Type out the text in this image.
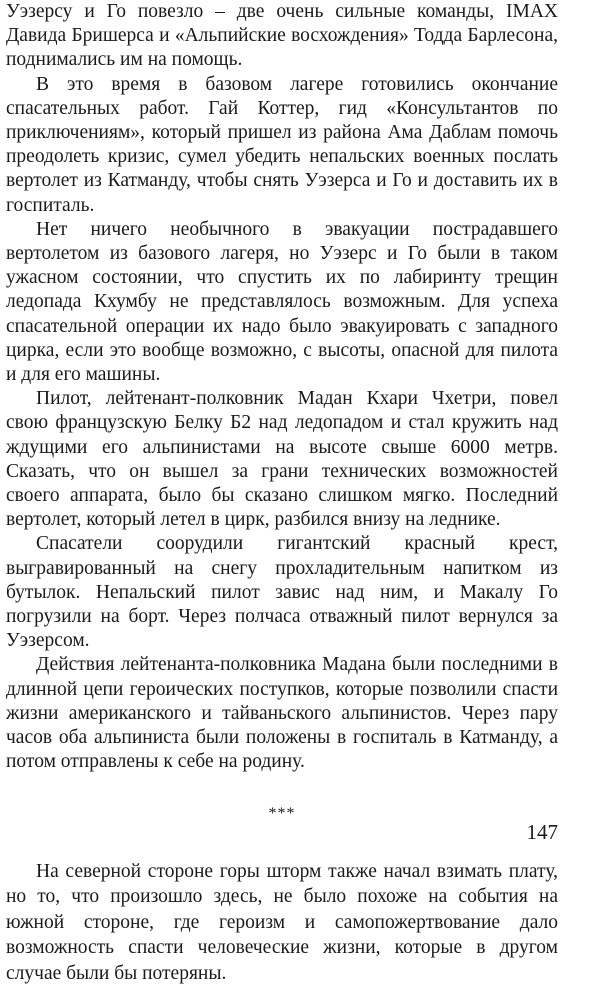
Уэзерсу и Го повезло – две очень сильные команды, IMAX Давида Бришерса и «Альпийские восхождения» Тодда Барлесона, поднимались им на помощь.

В это время в базовом лагере готовились окончание спасательных работ. Гай Коттер, гид «Консультантов по приключениям», который пришел из района Ама Даблам помочь преодолеть кризис, сумел убедить непальских военных послать вертолет из Катманду, чтобы снять Уэзерса и Го и доставить их в госпиталь.

Нет ничего необычного в эвакуации пострадавшего вертолетом из базового лагеря, но Уэзерс и Го были в таком ужасном состоянии, что спустить их по лабиринту трещин ледопада Кхумбу не представлялось возможным. Для успеха спасательной операции их надо было эвакуировать с западного цирка, если это вообще возможно, с высоты, опасной для пилота и для его машины.

Пилот, лейтенант-полковник Мадан Кхари Чхетри, повел свою французскую Белку Б2 над ледопадом и стал кружить над ждущими его альпинистами на высоте свыше 6000 метрв. Сказать, что он вышел за грани технических возможностей своего аппарата, было бы сказано слишком мягко. Последний вертолет, который летел в цирк, разбился внизу на леднике.

Спасатели соорудили гигантский красный крест, выгравированный на снегу прохладительным напитком из бутылок. Непальский пилот завис над ним, и Макалу Го погрузили на борт. Через полчаса отважный пилот вернулся за Уэзерсом.

Действия лейтенанта-полковника Мадана были последними в длинной цепи героических поступков, которые позволили спасти жизни американского и тайваньского альпинистов. Через пару часов оба альпиниста были положены в госпиталь в Катманду, а потом отправлены к себе на родину.

***

На северной стороне горы шторм также начал взимать плату, но то, что произошло здесь, не было похоже на события на южной стороне, где героизм и самопожертвование дало возможность спасти человеческие жизни, которые в другом случае были бы потеряны.

147
